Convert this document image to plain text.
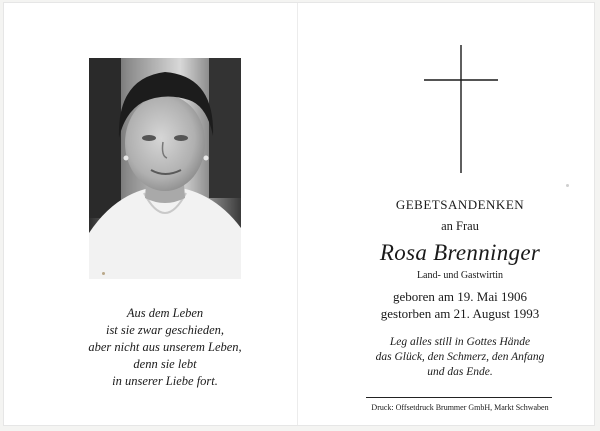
Aus dem Leben
ist sie zwar geschieden,
aber nicht aus unserem Leben,
denn sie lebt
in unserer Liebe fort.
GEBETSANDENKEN
an Frau
Rosa Brenninger
Land- und Gastwirtin
geboren am 19. Mai 1906
gestorben am 21. August 1993
Leg alles still in Gottes Hände
das Glück, den Schmerz, den Anfang
und das Ende.
Druck: Offsetdruck Brummer GmbH, Markt Schwaben
